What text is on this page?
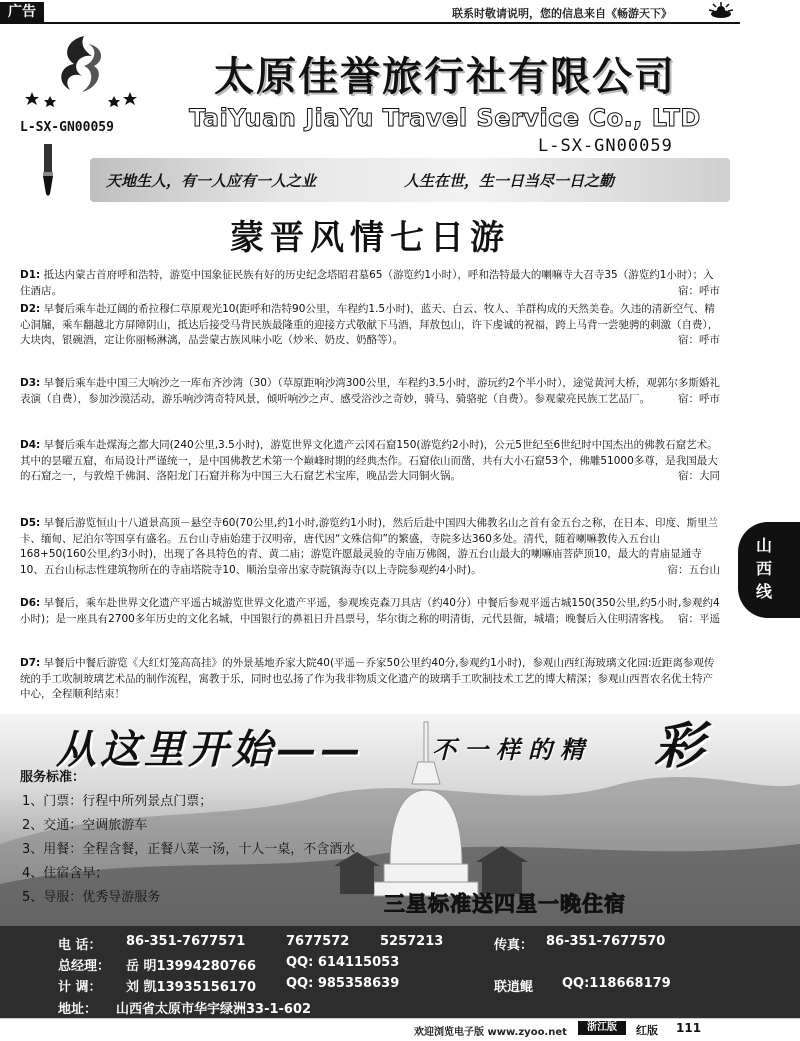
广告	联系时敬请说明，您的信息来自《畅游天下》
L-SX-GN00059
太原佳誉旅行社有限公司
TaiYuan JiaYu Travel Service Co., LTD
L-SX-GN00059
天地生人，有一人应有一人之业	人生在世，生一日当尽一日之勤
蒙晋风情七日游
D1: 抵达内蒙古首府呼和浩特，游览中国象征民族有好的历史纪念塔昭君墓65（游览约1小时），呼和浩特最大的喇嘛寺大召寺35（游览约1小时）；入住酒店。	宿：呼市
D2: 早餐后乘车赴辽阔的希拉穆仁草原观光10(距呼和浩特90公里，车程约1.5小时)，蓝天、白云、牧人、羊群构成的天然美卷。久违的清新空气、精心洞牖，乘车翻越北方屏障阴山，抵达后接受马背民族最隆重的迎接方式敬献下马酒，拜敖包山，许下虔诚的祝福，跨上马背一尝驰骋的刺激（自费），大块肉，银碗酒，定让你丽畅淋漓，品尝蒙古族风味小吃（炒米、奶皮、奶酪等）。	宿：呼市
D3: 早餐后乘车赴中国三大响沙之一库布齐沙湾（30）（草原距响沙湾300公里，车程约3.5小时，游玩约2个半小时），途觉黄河大桥，观郭尔多斯婚礼表演（自费），参加沙漠活动，游乐响沙湾奇特风景，倾听响沙之声、感受浴沙之奇妙，骑马、骑骆驼（自费）。参观蒙亮民族工艺品厂。	宿：呼市
D4: 早餐后乘车赴煤海之都大同(240公里,3.5小时)，游览世界文化遗产云冈石窟150(游览约2小时)，公元5世纪至6世纪时中国杰出的佛教石窟艺术。其中的昙曜五窟，布局设计严谨统一，是中国佛教艺术第一个巅峰时期的经典杰作。石窟依山而凿，共有大小石窟53个，佛雕51000多尊，是我国最大的石窟之一，与敦煌千佛洞、洛阳龙门石窟并称为中国三大石窟艺术宝库，晚品尝大同铜火锅。	宿：大同
D5: 早餐后游览恒山十八道景高顶－悬空寺60(70公里,约1小时,游览约1小时)，然后后赴中国四大佛教名山之首有金五台之称，在日本、印度、斯里兰卡、缅甸、尼泊尔等国享有盛名。五台山寺庙始建于汉明帝，唐代因“文殊信仰”的繁盛，寺院多达360多处。清代，随着喇嘛教传入五台山168+50(160公里,约3小时)，出现了各具特色的青、黄二庙；游览许愿最灵验的寺庙万佛阁，游五台山最大的喇嘛庙菩萨顶10，最大的青庙显通寺10、五台山标志性建筑物所在的寺庙塔院寺10、顺治皇帝出家寺院镇海寺(以上寺院参观约4小时)。	宿：五台山
D6: 早餐后，乘车赴世界文化遗产平遥古城游览世界文化遗产平遥，参观埃克森刀具店（约40分）中餐后参观平遥古城150(350公里,约5小时,参观约4小时)；是一座具有2700多年历史的文化名城，中国银行的鼻祖日升昌票号，华尔街之称的明清街，元代县衙，城墙；晚餐后入住明清客栈。 宿：平遥
D7: 早餐后中餐后游览《大红灯笼高高挂》的外景基地乔家大院40(平遥－乔家50公里约40分,参观约1小时)，参观山西红海玻璃文化园:近距离参观传统的手工吹制玻璃艺术品的制作流程，寓教于乐，同时也弘扬了作为我非物质文化遗产的玻璃手工吹制技术工艺的博大精深；参观山西晋农名优土特产中心，全程顺利结束！
山西线
从这里开始——	不一样的精 彩
服务标准：
1、门票：行程中所列景点门票；
2、交通：空调旅游车
3、用餐：全程含餐，正餐八菜一汤，十人一桌，不含酒水
4、住宿含早；
5、导服：优秀导游服务	三星标准送四星一晚住宿
电 话： 86-351-7677571	7677572 5257213	传真： 86-351-7677570
总经理： 岳 明13994280766 QQ: 614115053
计 调： 刘 凯13935156170 QQ: 985358639	联逍鲲 QQ:118668179
地址： 山西省太原市华宇绿洲33-1-602
欢迎浏览电子版 www.zyoo.net	浙江版	红版 111
